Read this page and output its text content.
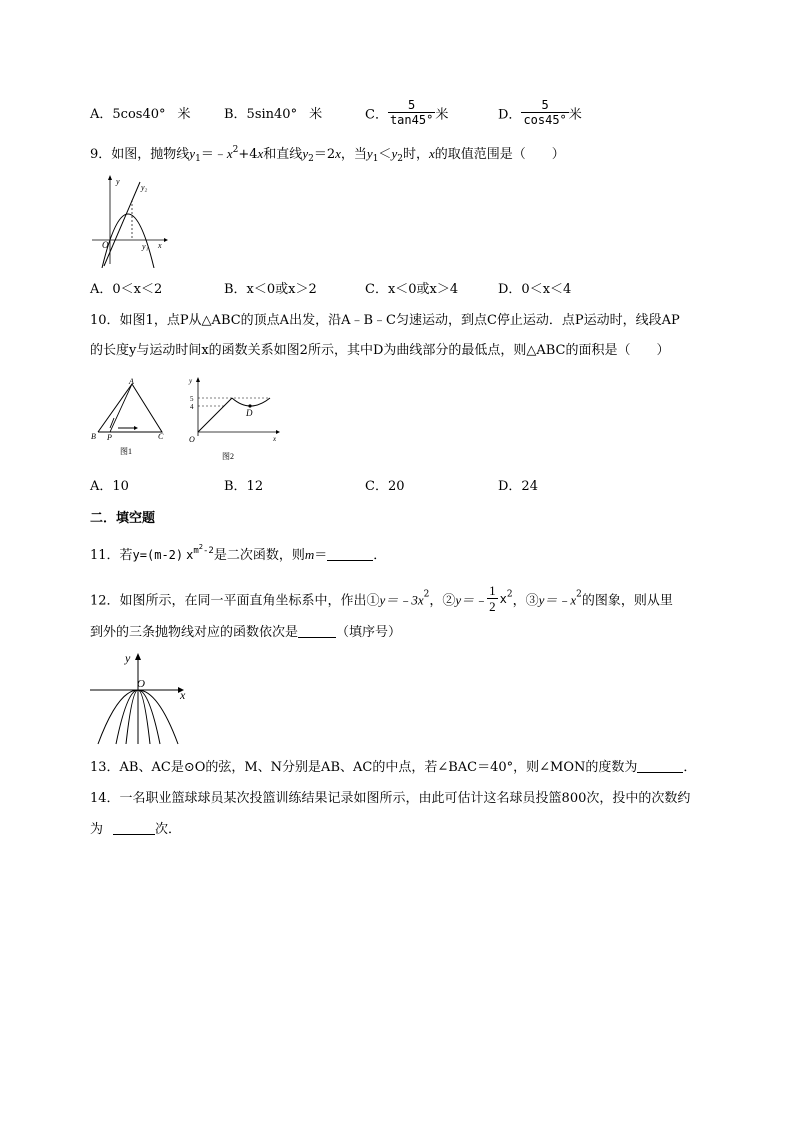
A．5cos40° 米	B．5sin40° 米	C． $\frac{5}{\tan 45^\circ}$ 米	D． $\frac{5}{\cos 45^\circ}$ 米
9．如图，抛物线$y_1=﹣x^2+4x$和直线$y_2=2x$，当$y_1<y_2$时，x的取值范围是（　　）
y
y₂
O	y₁ x
A．0＜x＜2	B．x＜0或x＞2	C．x＜0或x＞4	D．0＜x＜4
10．如图1，点P从△ABC的顶点A出发，沿A﹣B﹣C匀速运动，到点C停止运动．点P运动时，线段AP
的长度y与运动时间x的函数关系如图2所示，其中D为曲线部分的最低点，则△ABC的面积是（　　）
A
B P	C
图1
y
5
4
D
O	x
图2
A．10	B．12	C．20	D．24
二．填空题
11．若y=(m-2) $x^{m^2-2}$是二次函数，则m＝	．
12．如图所示，在同一平面直角坐标系中，作出$①y=﹣3x^2$，②y＝﹣ $\frac{1}{2} x^2$，$③y=﹣x^2$的图象，则从里
到外的三条抛物线对应的函数依次是	（填序号）
y
O
x
13．AB、AC是⊙O的弦，M、N分别是AB、AC的中点，若∠BAC＝40°，则∠MON的度数为	．
14．一名职业篮球球员某次投篮训练结果记录如图所示，由此可估计这名球员投篮800次，投中的次数约
为	次．
